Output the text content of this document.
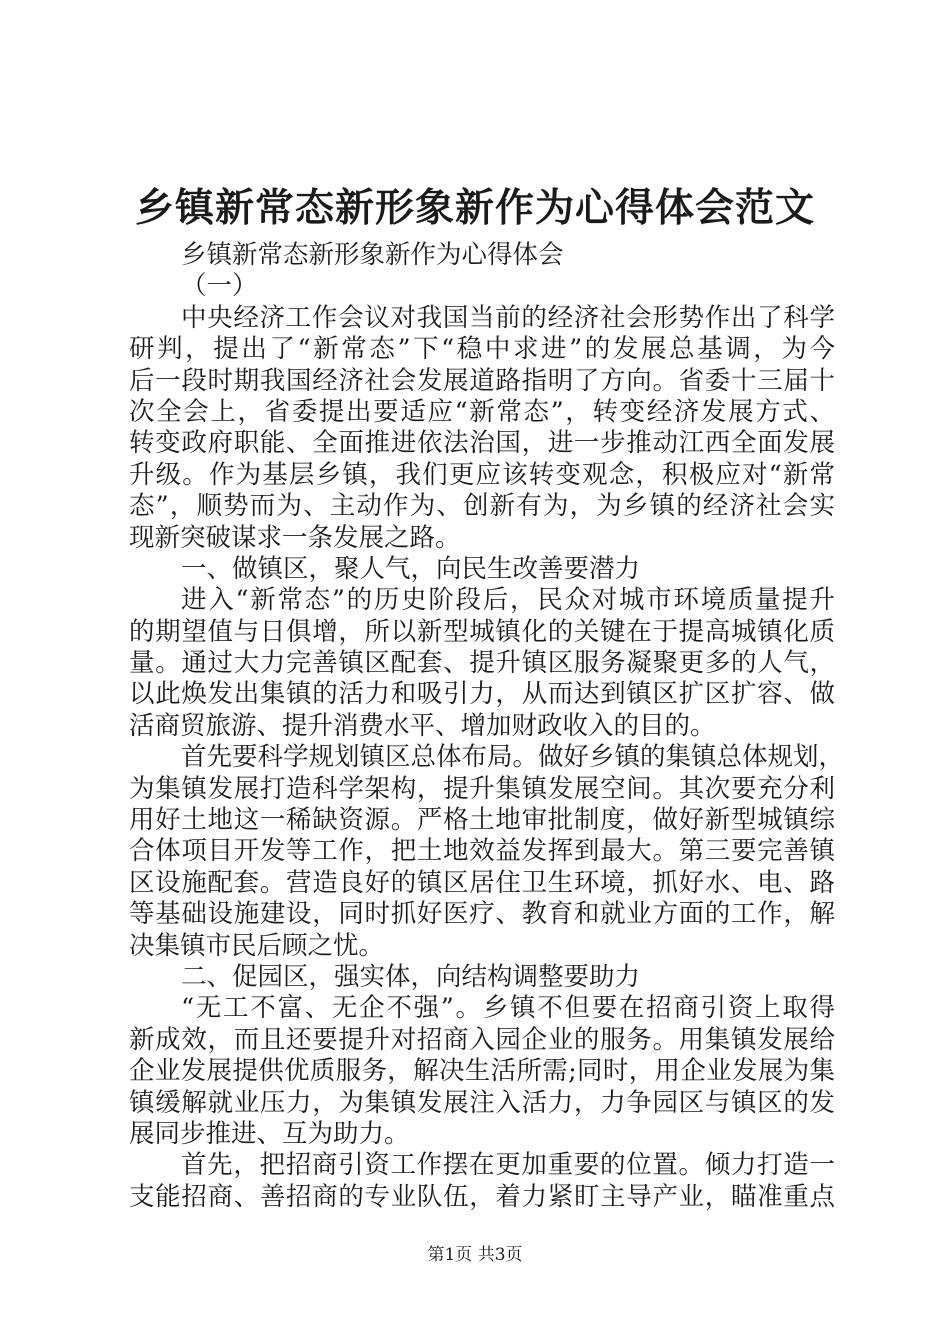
乡镇新常态新形象新作为心得体会范文
乡镇新常态新形象新作为心得体会
（一）
中央经济工作会议对我国当前的经济社会形势作出了科学
研判，提出了“新常态”下“稳中求进”的发展总基调，为今
后一段时期我国经济社会发展道路指明了方向。省委十三届十
次全会上，省委提出要适应“新常态”，转变经济发展方式、
转变政府职能、全面推进依法治国，进一步推动江西全面发展
升级。作为基层乡镇，我们更应该转变观念，积极应对“新常
态”，顺势而为、主动作为、创新有为，为乡镇的经济社会实
现新突破谋求一条发展之路。
一、做镇区，聚人气，向民生改善要潜力
进入“新常态”的历史阶段后，民众对城市环境质量提升
的期望值与日俱增，所以新型城镇化的关键在于提高城镇化质
量。通过大力完善镇区配套、提升镇区服务凝聚更多的人气，
以此焕发出集镇的活力和吸引力，从而达到镇区扩区扩容、做
活商贸旅游、提升消费水平、增加财政收入的目的。
首先要科学规划镇区总体布局。做好乡镇的集镇总体规划，
为集镇发展打造科学架构，提升集镇发展空间。其次要充分利
用好土地这一稀缺资源。严格土地审批制度，做好新型城镇综
合体项目开发等工作，把土地效益发挥到最大。第三要完善镇
区设施配套。营造良好的镇区居住卫生环境，抓好水、电、路
等基础设施建设，同时抓好医疗、教育和就业方面的工作，解
决集镇市民后顾之忧。
二、促园区，强实体，向结构调整要助力
“无工不富、无企不强”。乡镇不但要在招商引资上取得
新成效，而且还要提升对招商入园企业的服务。用集镇发展给
企业发展提供优质服务，解决生活所需;同时，用企业发展为集
镇缓解就业压力，为集镇发展注入活力，力争园区与镇区的发
展同步推进、互为助力。
首先，把招商引资工作摆在更加重要的位置。倾力打造一
支能招商、善招商的专业队伍，着力紧盯主导产业，瞄准重点
第1页 共3页
